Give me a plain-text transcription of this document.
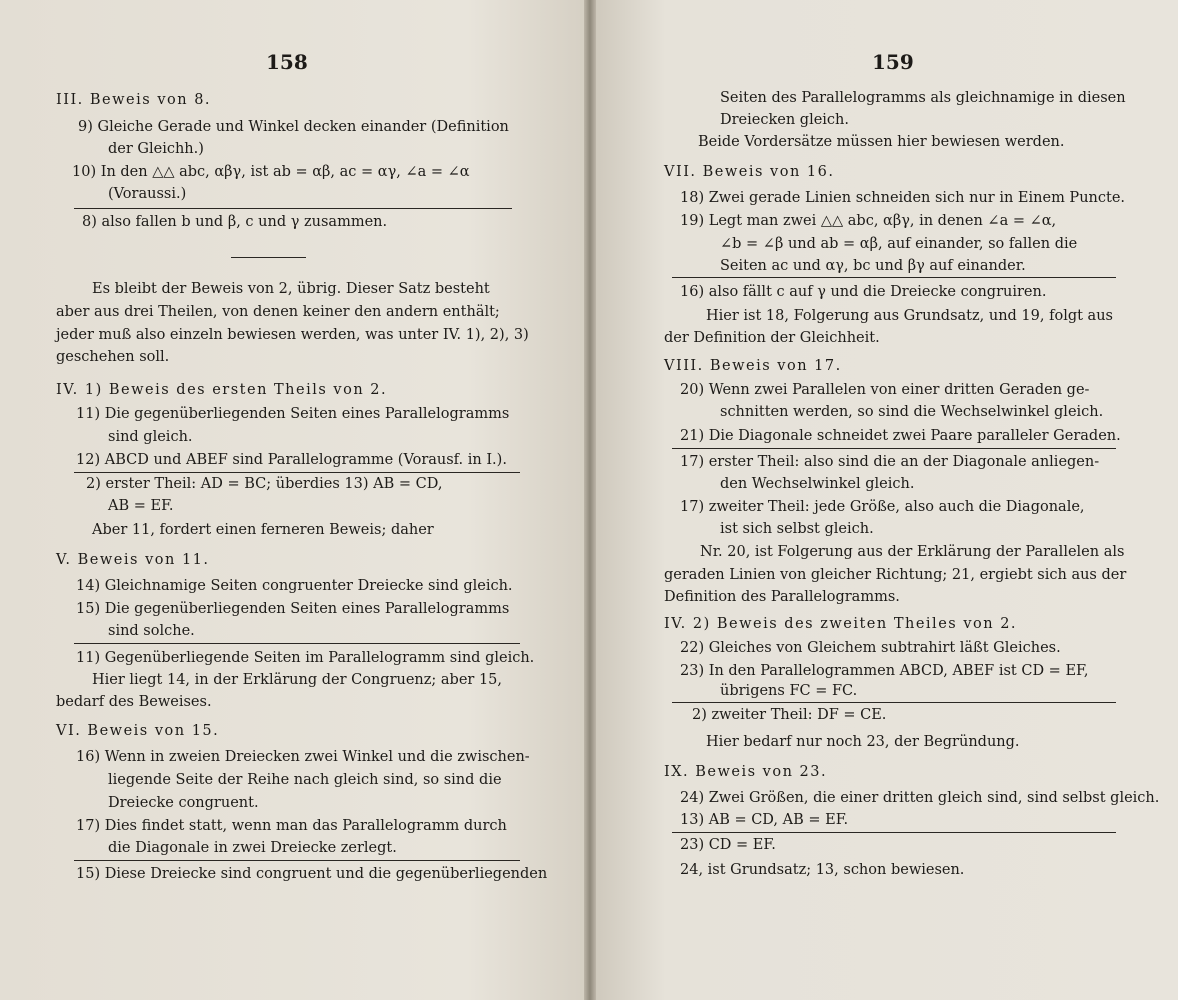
158
III. Beweis von 8.
9) Gleiche Gerade und Winkel decken einander (Definition
der Gleichh.)
10) In den △△ abc, αβγ, ist ab = αβ, ac = αγ, ∠a = ∠α
(Voraussi.)
8) also fallen b und β, c und γ zusammen.
Es bleibt der Beweis von 2, übrig. Dieser Satz besteht
aber aus drei Theilen, von denen keiner den andern enthält;
jeder muß also einzeln bewiesen werden, was unter IV. 1), 2), 3)
geschehen soll.
IV. 1) Beweis des ersten Theils von 2.
11) Die gegenüberliegenden Seiten eines Parallelogramms
sind gleich.
12) ABCD und ABEF sind Parallelogramme (Vorausf. in I.).
2) erster Theil: AD = BC; überdies 13) AB = CD,
AB = EF.
Aber 11, fordert einen ferneren Beweis; daher
V. Beweis von 11.
14) Gleichnamige Seiten congruenter Dreiecke sind gleich.
15) Die gegenüberliegenden Seiten eines Parallelogramms
sind solche.
11) Gegenüberliegende Seiten im Parallelogramm sind gleich.
Hier liegt 14, in der Erklärung der Congruenz; aber 15,
bedarf des Beweises.
VI. Beweis von 15.
16) Wenn in zweien Dreiecken zwei Winkel und die zwischen-
liegende Seite der Reihe nach gleich sind, so sind die
Dreiecke congruent.
17) Dies findet statt, wenn man das Parallelogramm durch
die Diagonale in zwei Dreiecke zerlegt.
15) Diese Dreiecke sind congruent und die gegenüberliegenden
159
Seiten des Parallelogramms als gleichnamige in diesen
Dreiecken gleich.
Beide Vordersätze müssen hier bewiesen werden.
VII. Beweis von 16.
18) Zwei gerade Linien schneiden sich nur in Einem Puncte.
19) Legt man zwei △△ abc, αβγ, in denen ∠a = ∠α,
∠b = ∠β und ab = αβ, auf einander, so fallen die
Seiten ac und αγ, bc und βγ auf einander.
16) also fällt c auf γ und die Dreiecke congruiren.
Hier ist 18, Folgerung aus Grundsatz, und 19, folgt aus
der Definition der Gleichheit.
VIII. Beweis von 17.
20) Wenn zwei Parallelen von einer dritten Geraden ge-
schnitten werden, so sind die Wechselwinkel gleich.
21) Die Diagonale schneidet zwei Paare paralleler Geraden.
17) erster Theil: also sind die an der Diagonale anliegen-
den Wechselwinkel gleich.
17) zweiter Theil: jede Größe, also auch die Diagonale,
ist sich selbst gleich.
Nr. 20, ist Folgerung aus der Erklärung der Parallelen als
geraden Linien von gleicher Richtung; 21, ergiebt sich aus der
Definition des Parallelogramms.
IV. 2) Beweis des zweiten Theiles von 2.
22) Gleiches von Gleichem subtrahirt läßt Gleiches.
23) In den Parallelogrammen ABCD, ABEF ist CD = EF,
übrigens FC = FC.
2) zweiter Theil: DF = CE.
Hier bedarf nur noch 23, der Begründung.
IX. Beweis von 23.
24) Zwei Größen, die einer dritten gleich sind, sind selbst gleich.
13) AB = CD, AB = EF.
23) CD = EF.
24, ist Grundsatz; 13, schon bewiesen.
